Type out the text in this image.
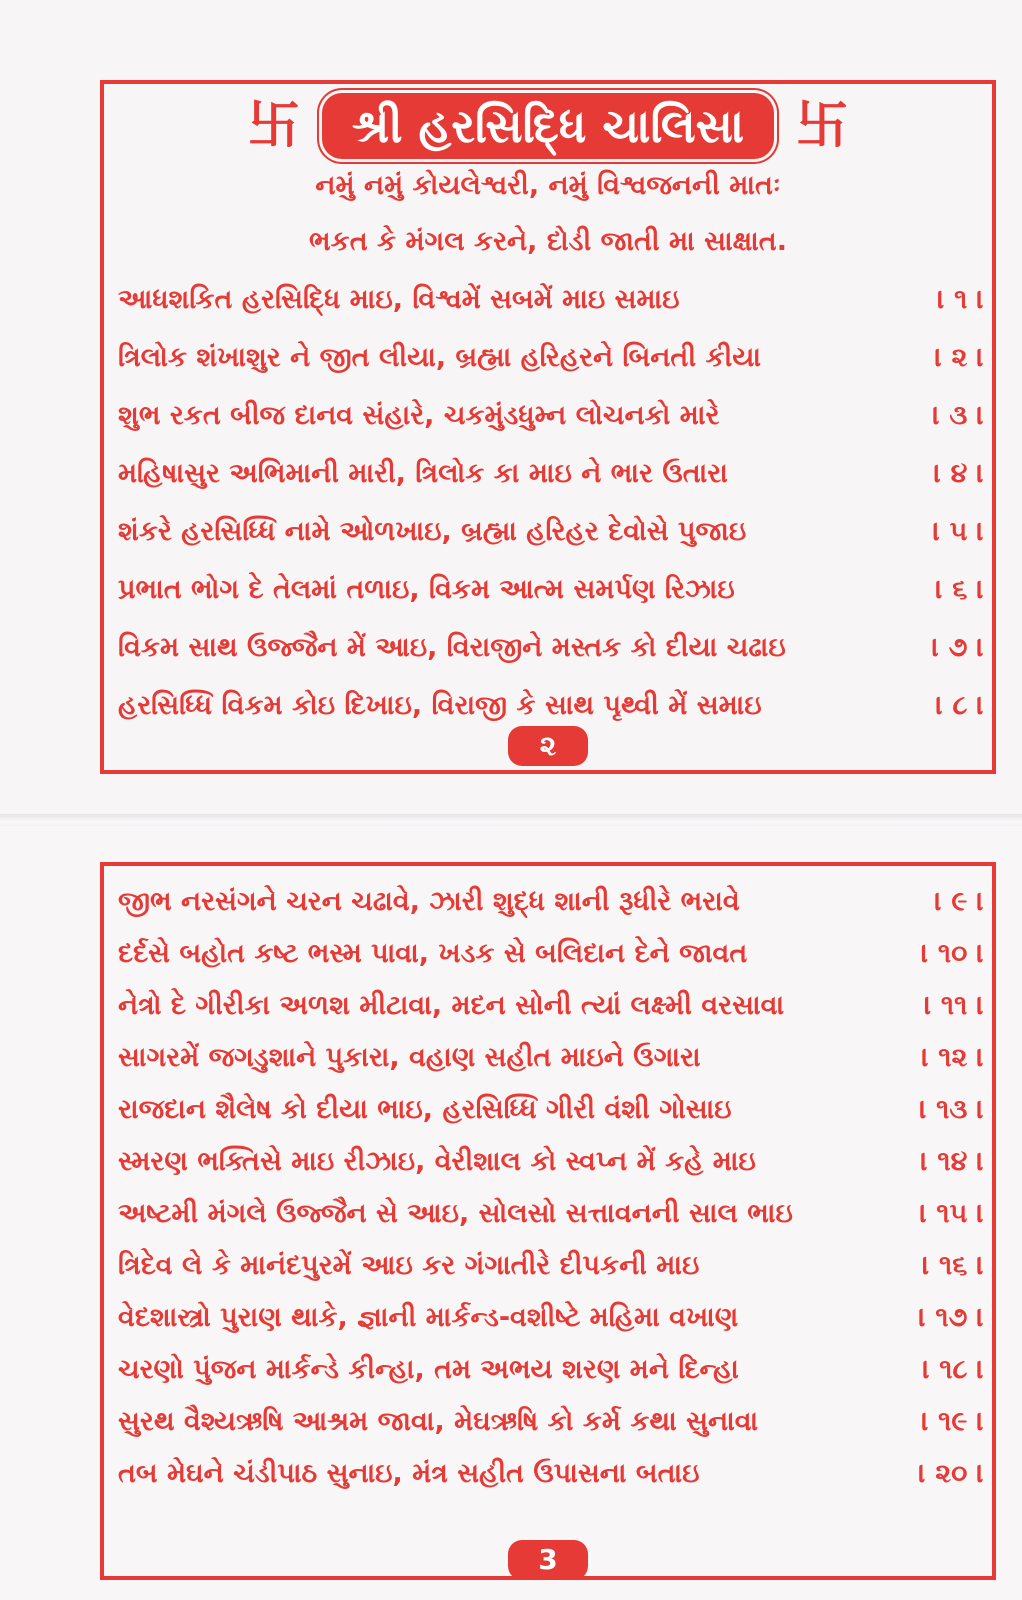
卐	શ્રી હરસિદ્ધિ ચાલિસા	卐
નમું નમું કોયલેશ્વરી, નમું વિશ્વજનની માતઃ
ભકત કે મંગલ કરને, દોડી જાતી મા સાક્ષાત.
આધશકિત હરસિદ્ધિ માઇ, વિશ્વમેં સબમેં માઇ સમાઇ	। ૧ ।
ત્રિલોક શંખાશુર ને જીત લીયા, બ્રહ્મા હરિહરને બિનતી કીયા	। ૨ ।
શુભ રકત બીજ દાનવ સંહારે, ચકમુંડધુમ્ન લોચનકો મારે	। ૩ ।
મહિષાસુર અભિમાની મારી, ત્રિલોક કા માઇ ને ભાર ઉતારા	। ૪ ।
શંકરે હરસિધ્ધિ નામે ઓળખાઇ, બ્રહ્મા હરિહર દેવોસે પુજાઇ	। ૫ ।
પ્રભાત ભોગ દે તેલમાં તળાઇ, વિકમ આત્મ સમર્પણ રિઝાઇ	। ૬ ।
વિકમ સાથ ઉજ્જૈન મેં આઇ, વિરાજીને મસ્તક કો દીયા ચઢાઇ	। ૭ ।
હરસિધ્ધિ વિકમ કોઇ દિખાઇ, વિરાજી કે સાથ પૃથ્વી મેં સમાઇ	। ૮ ।
૨
જીભ નરસંગને ચરન ચઢાવે, ઝારી શુદ્ધ શાની રૂધીરે ભરાવે	। ૯ ।
દર્દસે બહોત કષ્ટ ભસ્મ પાવા, ખડક સે બલિદાન દેને જાવત	। ૧૦ ।
નેત્રો દે ગીરીકા અળશ મીટાવા, મદન સોની ત્યાં લક્ષ્મી વરસાવા	। ૧૧ ।
સાગરમેં જગડુશાને પુકારા, વહાણ સહીત માઇને ઉગારા	। ૧૨ ।
રાજદાન શૈલેષ કો દીયા ભાઇ, હરસિધ્ધિ ગીરી વંશી ગોસાઇ	। ૧૩ ।
સ્મરણ ભક્તિસે માઇ રીઝાઇ, વેરીશાલ કો સ્વપ્ન મેં કહે માઇ	। ૧૪ ।
અષ્ટમી મંગલે ઉજ્જૈન સે આઇ, સોલસો સત્તાવનની સાલ ભાઇ	। ૧૫ ।
ત્રિદેવ લે કે માનંદપુરમેં આઇ કર ગંગાતીરે દીપકની માઇ	। ૧૬ ।
વેદશાસ્ત્રો પુરાણ થાકે, જ્ઞાની માર્કન્ડ-વશીષ્ટે મહિમા વખાણ	। ૧૭ ।
ચરણો પુંજન માર્કન્ડે કીન્હા, તમ અભય શરણ મને દિન્હા	। ૧૮ ।
સુરથ વૈશ્યઋષિ આશ્રમ જાવા, મેઘઋષિ કો કર્મ કથા સુનાવા	। ૧૯ ।
તબ મેઘને ચંડીપાઠ સુનાઇ, મંત્ર સહીત ઉપાસના બતાઇ	। ૨૦ ।
3
